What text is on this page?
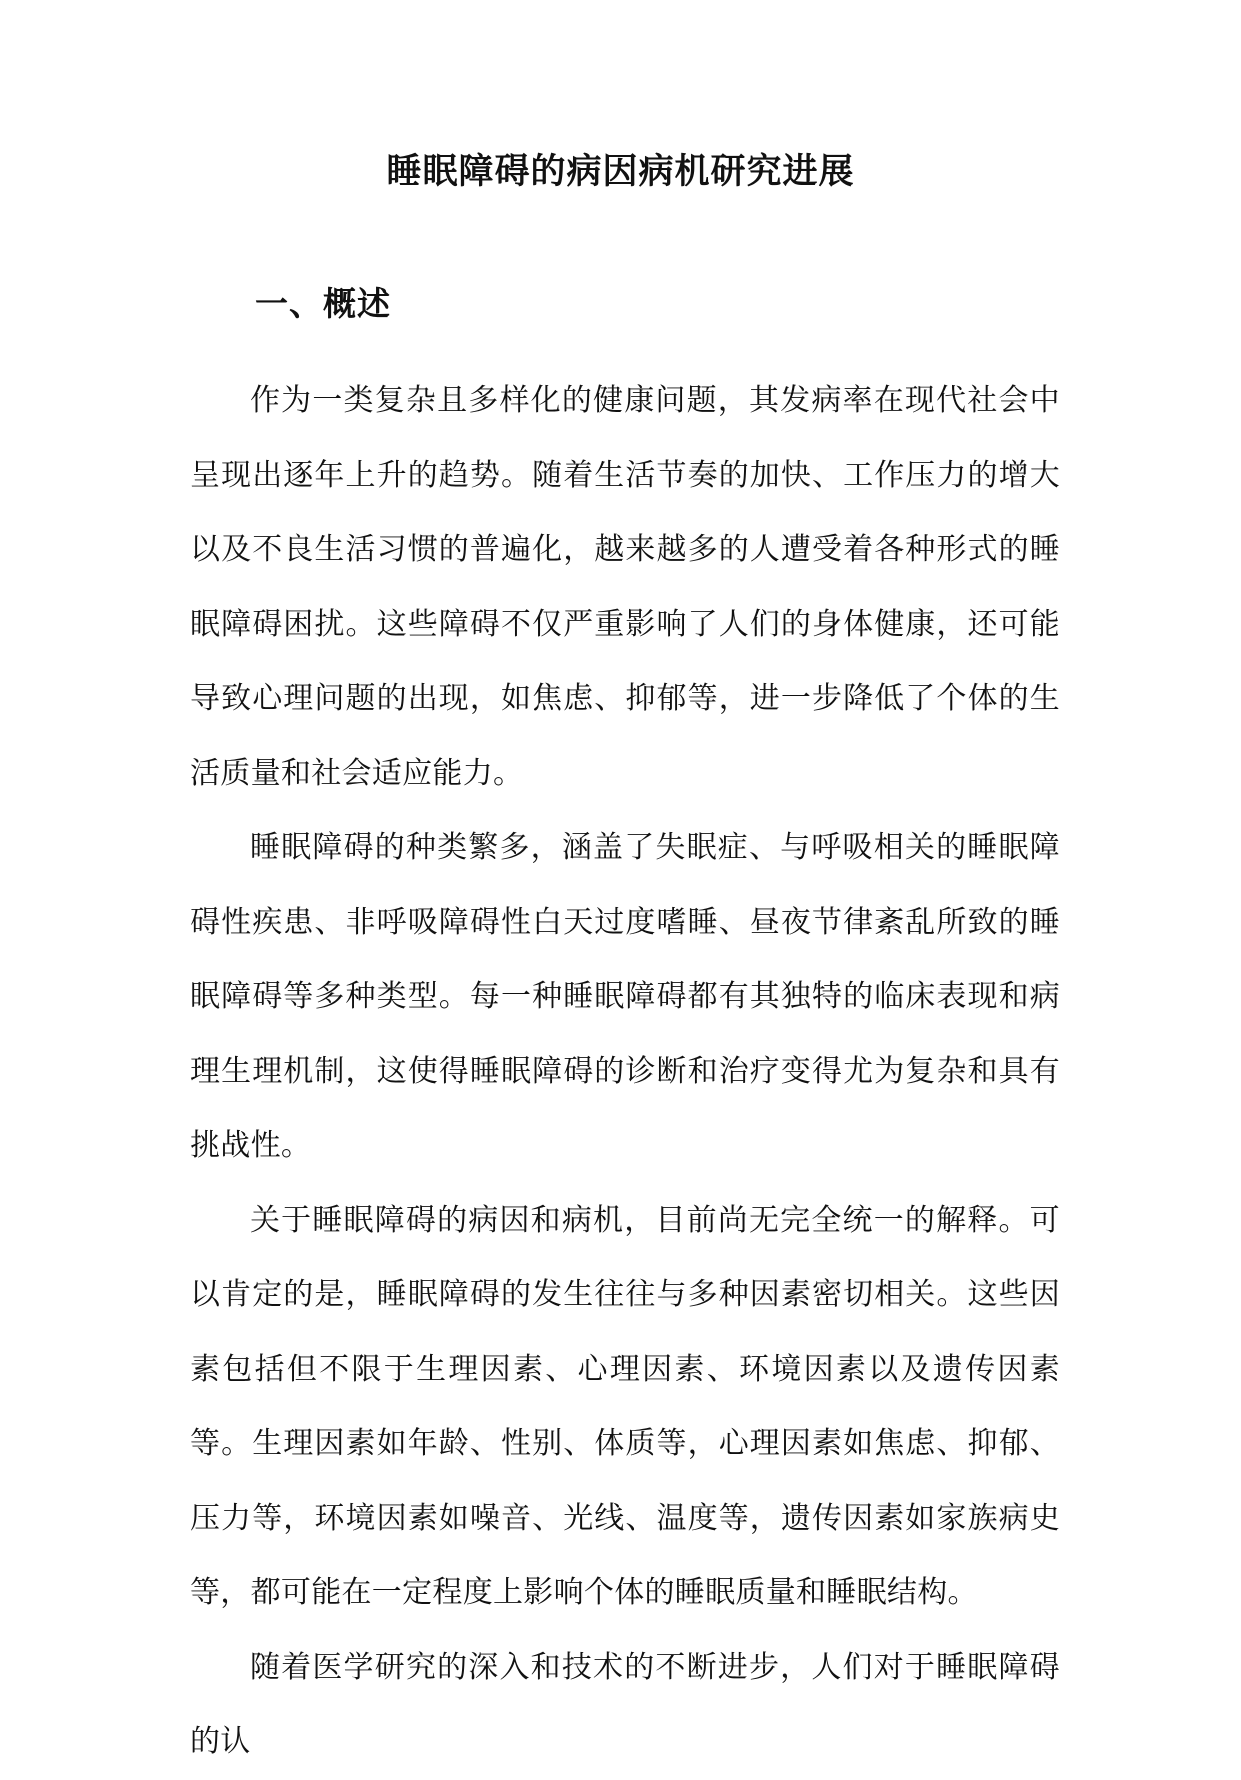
睡眠障碍的病因病机研究进展
一、概述

作为一类复杂且多样化的健康问题，其发病率在现代社会中呈现出逐年上升的趋势。随着生活节奏的加快、工作压力的增大以及不良生活习惯的普遍化，越来越多的人遭受着各种形式的睡眠障碍困扰。这些障碍不仅严重影响了人们的身体健康，还可能导致心理问题的出现，如焦虑、抑郁等，进一步降低了个体的生活质量和社会适应能力。

睡眠障碍的种类繁多，涵盖了失眠症、与呼吸相关的睡眠障碍性疾患、非呼吸障碍性白天过度嗜睡、昼夜节律紊乱所致的睡眠障碍等多种类型。每一种睡眠障碍都有其独特的临床表现和病理生理机制，这使得睡眠障碍的诊断和治疗变得尤为复杂和具有挑战性。

关于睡眠障碍的病因和病机，目前尚无完全统一的解释。可以肯定的是，睡眠障碍的发生往往与多种因素密切相关。这些因素包括但不限于生理因素、心理因素、环境因素以及遗传因素等。生理因素如年龄、性别、体质等，心理因素如焦虑、抑郁、压力等，环境因素如噪音、光线、温度等，遗传因素如家族病史等，都可能在一定程度上影响个体的睡眠质量和睡眠结构。

随着医学研究的深入和技术的不断进步，人们对于睡眠障碍的认
